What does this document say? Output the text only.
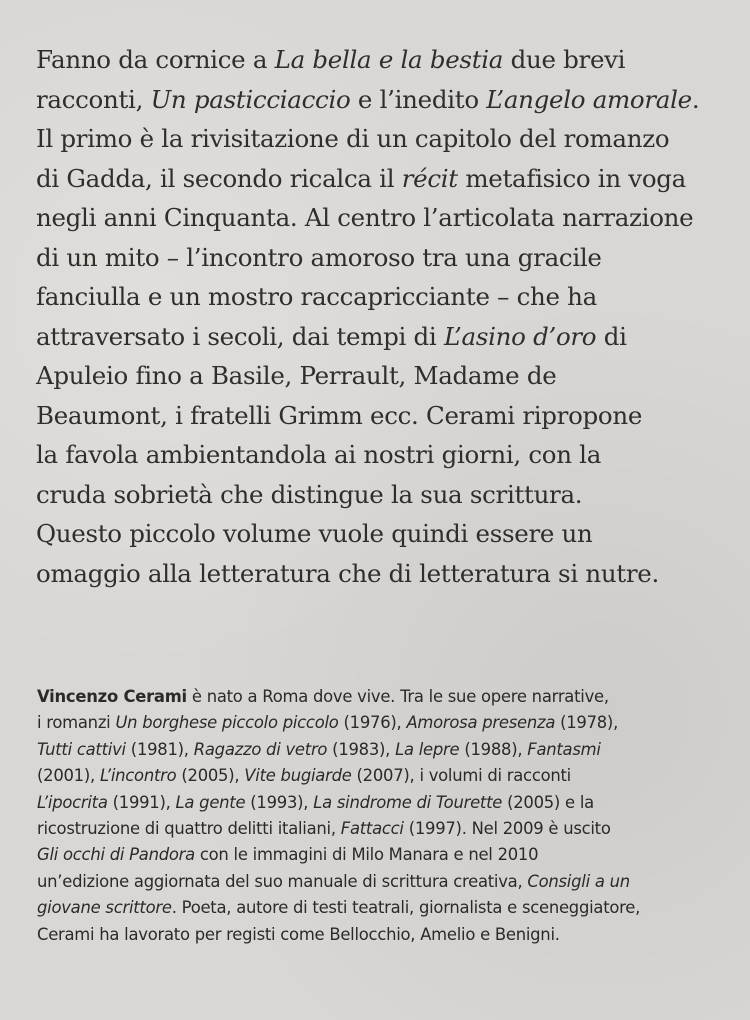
Fanno da cornice a La bella e la bestia due brevi
racconti, Un pasticciaccio e l’inedito L’angelo amorale.
Il primo è la rivisitazione di un capitolo del romanzo
di Gadda, il secondo ricalca il récit metafisico in voga
negli anni Cinquanta. Al centro l’articolata narrazione
di un mito – l’incontro amoroso tra una gracile
fanciulla e un mostro raccapricciante – che ha
attraversato i secoli, dai tempi di L’asino d’oro di
Apuleio fino a Basile, Perrault, Madame de
Beaumont, i fratelli Grimm ecc. Cerami ripropone
la favola ambientandola ai nostri giorni, con la
cruda sobrietà che distingue la sua scrittura.
Questo piccolo volume vuole quindi essere un
omaggio alla letteratura che di letteratura si nutre.
Vincenzo Cerami è nato a Roma dove vive. Tra le sue opere narrative,
i romanzi Un borghese piccolo piccolo (1976), Amorosa presenza (1978),
Tutti cattivi (1981), Ragazzo di vetro (1983), La lepre (1988), Fantasmi
(2001), L’incontro (2005), Vite bugiarde (2007), i volumi di racconti
L’ipocrita (1991), La gente (1993), La sindrome di Tourette (2005) e la
ricostruzione di quattro delitti italiani, Fattacci (1997). Nel 2009 è uscito
Gli occhi di Pandora con le immagini di Milo Manara e nel 2010
un’edizione aggiornata del suo manuale di scrittura creativa, Consigli a un
giovane scrittore. Poeta, autore di testi teatrali, giornalista e sceneggiatore,
Cerami ha lavorato per registi come Bellocchio, Amelio e Benigni.
